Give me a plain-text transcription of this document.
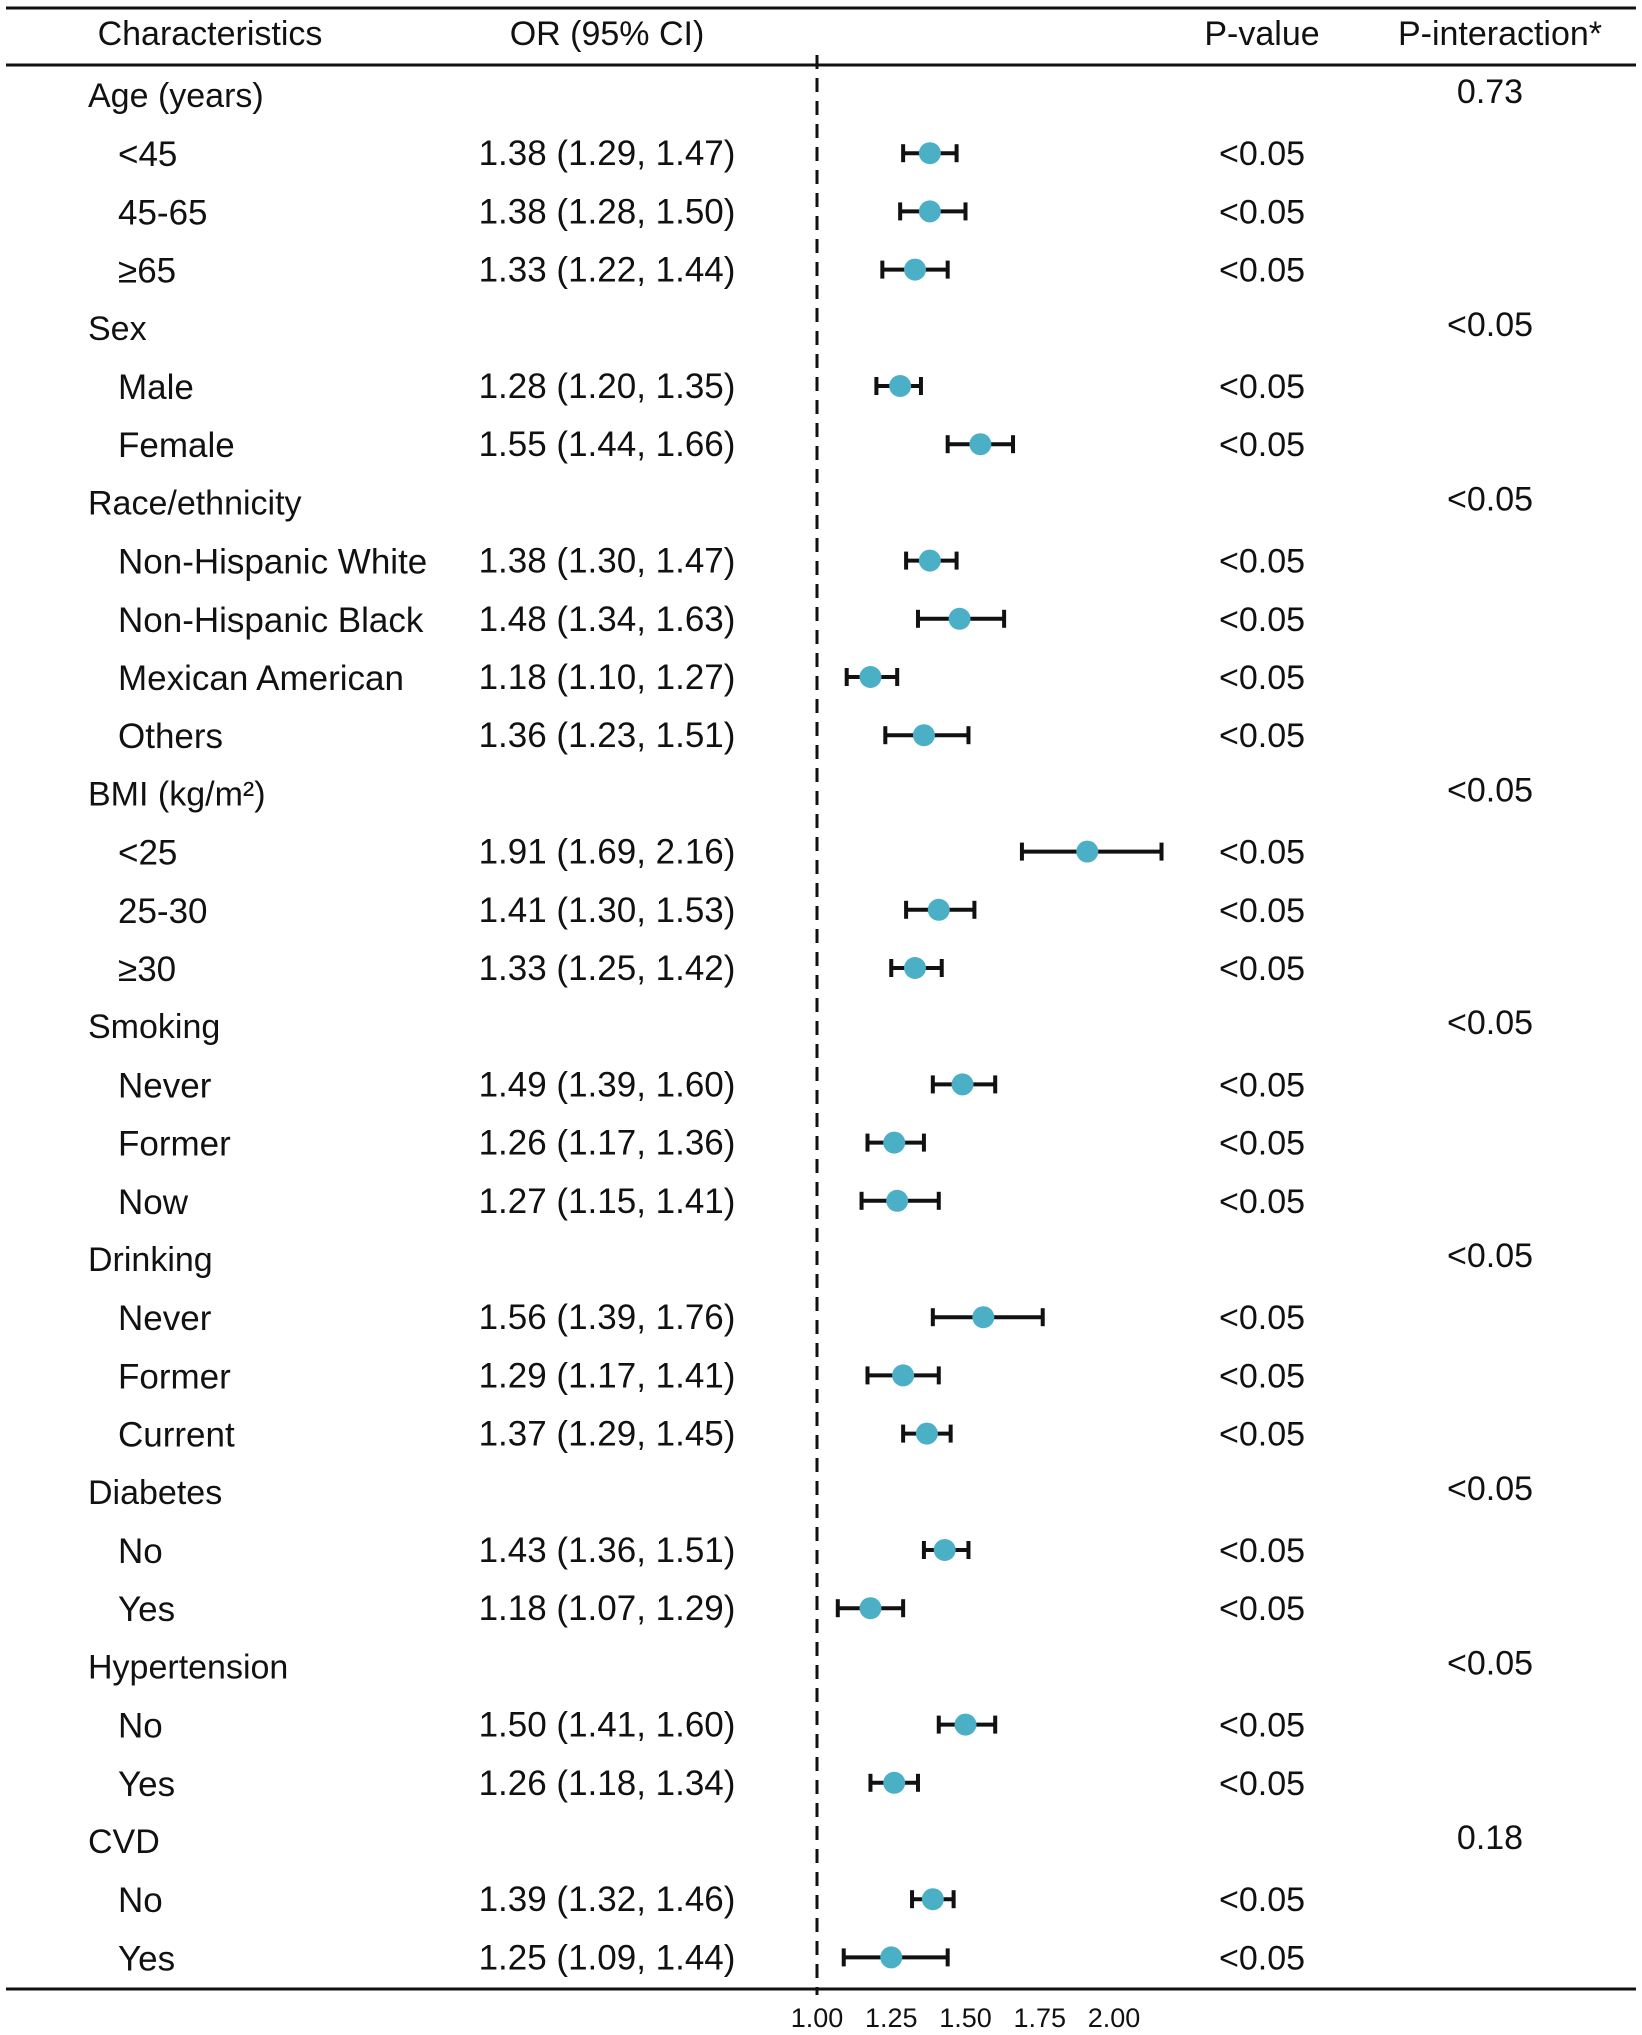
Characteristics	OR (95% CI)	P-value P-interaction*
Age (years)	0.73
<45	1.38 (1.29, 1.47)	<0.05
45-65	1.38 (1.28, 1.50)	<0.05
≥65	1.33 (1.22, 1.44)	<0.05
Sex	<0.05
Male	1.28 (1.20, 1.35)	<0.05
Female	1.55 (1.44, 1.66)	<0.05
Race/ethnicity	<0.05
Non-Hispanic White 1.38 (1.30, 1.47)	<0.05
Non-Hispanic Black 1.48 (1.34, 1.63)	<0.05
Mexican American 1.18 (1.10, 1.27)	<0.05
Others	1.36 (1.23, 1.51)	<0.05
BMI (kg/m²)	<0.05
<25	1.91 (1.69, 2.16)	<0.05
25-30	1.41 (1.30, 1.53)	<0.05
≥30	1.33 (1.25, 1.42)	<0.05
Smoking	<0.05
Never	1.49 (1.39, 1.60)	<0.05
Former	1.26 (1.17, 1.36)	<0.05
Now	1.27 (1.15, 1.41)	<0.05
Drinking	<0.05
Never	1.56 (1.39, 1.76)	<0.05
Former	1.29 (1.17, 1.41)	<0.05
Current	1.37 (1.29, 1.45)	<0.05
Diabetes	<0.05
No	1.43 (1.36, 1.51)	<0.05
Yes	1.18 (1.07, 1.29)	<0.05
Hypertension	<0.05
No	1.50 (1.41, 1.60)	<0.05
Yes	1.26 (1.18, 1.34)	<0.05
CVD	0.18
No	1.39 (1.32, 1.46)	<0.05
Yes	1.25 (1.09, 1.44)	<0.05
1.00 1.25 1.50 1.75 2.00
